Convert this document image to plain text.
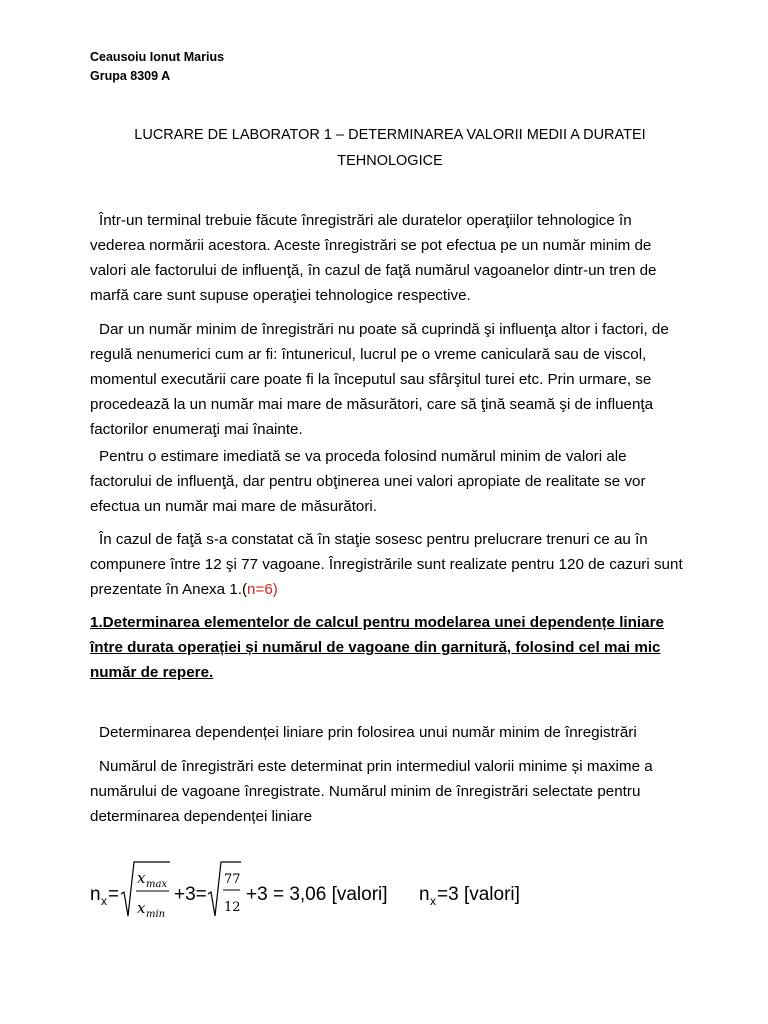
Ceausoiu Ionut Marius
Grupa 8309 A
LUCRARE DE LABORATOR 1 – DETERMINAREA VALORII MEDII A DURATEI
TEHNOLOGICE

Într-un terminal trebuie făcute înregistrări ale duratelor operaţiilor tehnologice în vederea normării acestora. Aceste înregistrări se pot efectua pe un număr minim de valori ale factorului de influenţă, în cazul de faţă numărul vagoanelor dintr-un tren de marfă care sunt supuse operaţiei tehnologice respective.

Dar un număr minim de înregistrări nu poate să cuprindă şi influenţa altor i factori, de regulă nenumerici cum ar fi: întunericul, lucrul pe o vreme caniculară sau de viscol, momentul executării care poate fi la începutul sau sfârşitul turei etc. Prin urmare, se procedează la un număr mai mare de măsurători, care să ţină seamă şi de influenţa factorilor enumeraţi mai înainte.

Pentru o estimare imediată se va proceda folosind numărul minim de valori ale factorului de influenţă, dar pentru obţinerea unei valori apropiate de realitate se vor efectua un număr mai mare de măsurători.

În cazul de faţă s-a constatat că în staţie sosesc pentru prelucrare trenuri ce au în compunere între 12 şi 77 vagoane. Înregistrările sunt realizate pentru 120 de cazuri sunt prezentate în Anexa 1.(n=6)

1.Determinarea elementelor de calcul pentru modelarea unei dependențe liniare între durata operației și numărul de vagoane din garnitură, folosind cel mai mic număr de repere.

Determinarea dependenței liniare prin folosirea unui număr minim de înregistrări

Numărul de înregistrări este determinat prin intermediul valorii minime și maxime a numărului de vagoane înregistrate. Numărul minim de înregistrări selectate pentru determinarea dependenței liniare

n x =
x max
x min
+3=
77
12
+3 = 3,06 [valori] n x =3 [valori]
